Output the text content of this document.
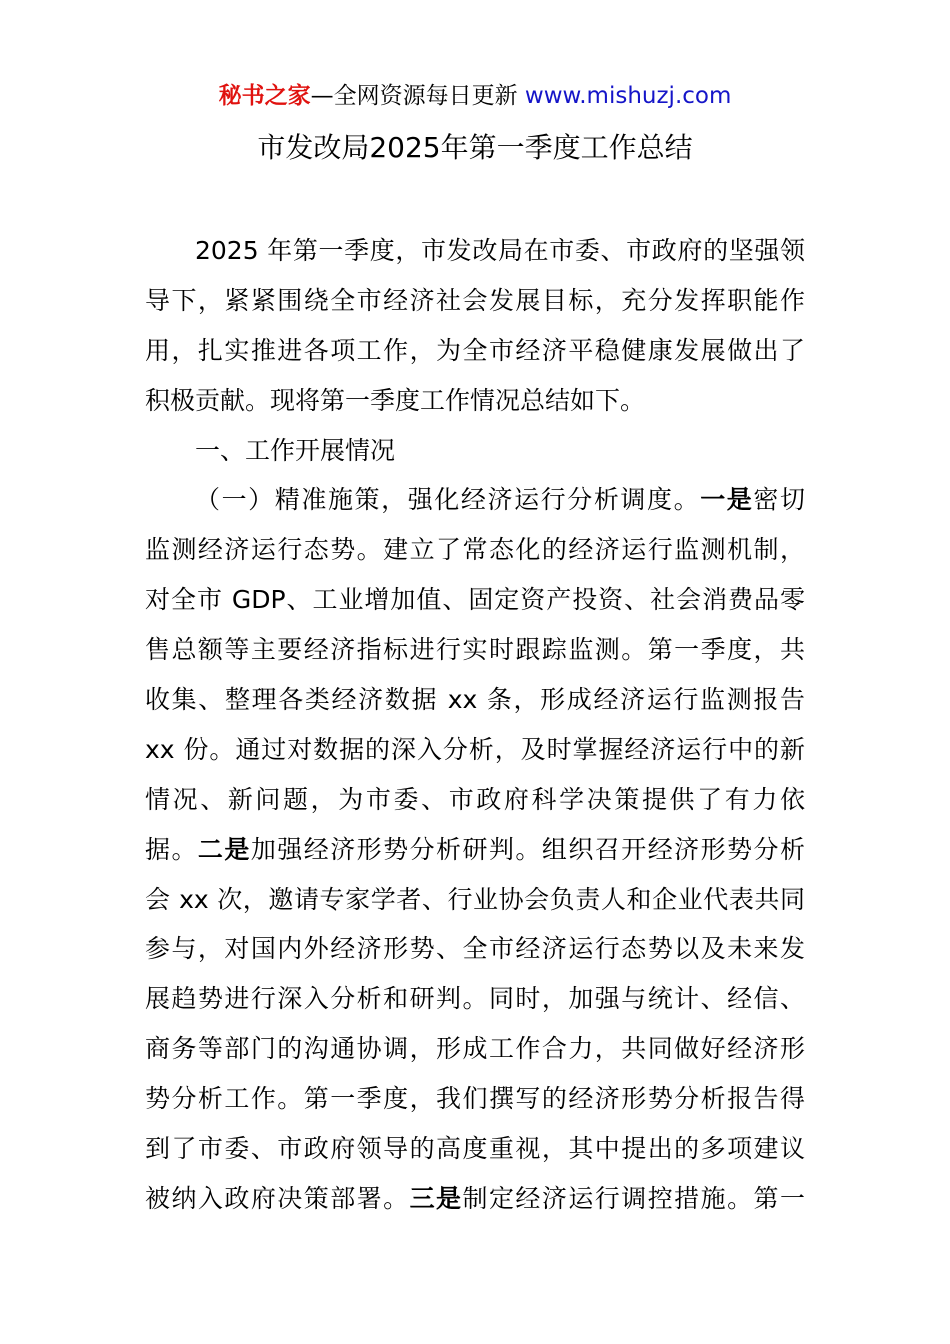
秘书之家—全网资源每日更新 www.mishuzj.com
市发改局2025年第一季度工作总结
2025 年第一季度，市发改局在市委、市政府的坚强领
导下，紧紧围绕全市经济社会发展目标，充分发挥职能作
用，扎实推进各项工作，为全市经济平稳健康发展做出了
积极贡献。现将第一季度工作情况总结如下。
一、工作开展情况
（一）精准施策，强化经济运行分析调度。一是密切
监测经济运行态势。建立了常态化的经济运行监测机制，
对全市 GDP、工业增加值、固定资产投资、社会消费品零
售总额等主要经济指标进行实时跟踪监测。第一季度，共
收集、整理各类经济数据 xx 条，形成经济运行监测报告
xx 份。通过对数据的深入分析，及时掌握经济运行中的新
情况、新问题，为市委、市政府科学决策提供了有力依
据。二是加强经济形势分析研判。组织召开经济形势分析
会 xx 次，邀请专家学者、行业协会负责人和企业代表共同
参与，对国内外经济形势、全市经济运行态势以及未来发
展趋势进行深入分析和研判。同时，加强与统计、经信、
商务等部门的沟通协调，形成工作合力，共同做好经济形
势分析工作。第一季度，我们撰写的经济形势分析报告得
到了市委、市政府领导的高度重视，其中提出的多项建议
被纳入政府决策部署。三是制定经济运行调控措施。第一
